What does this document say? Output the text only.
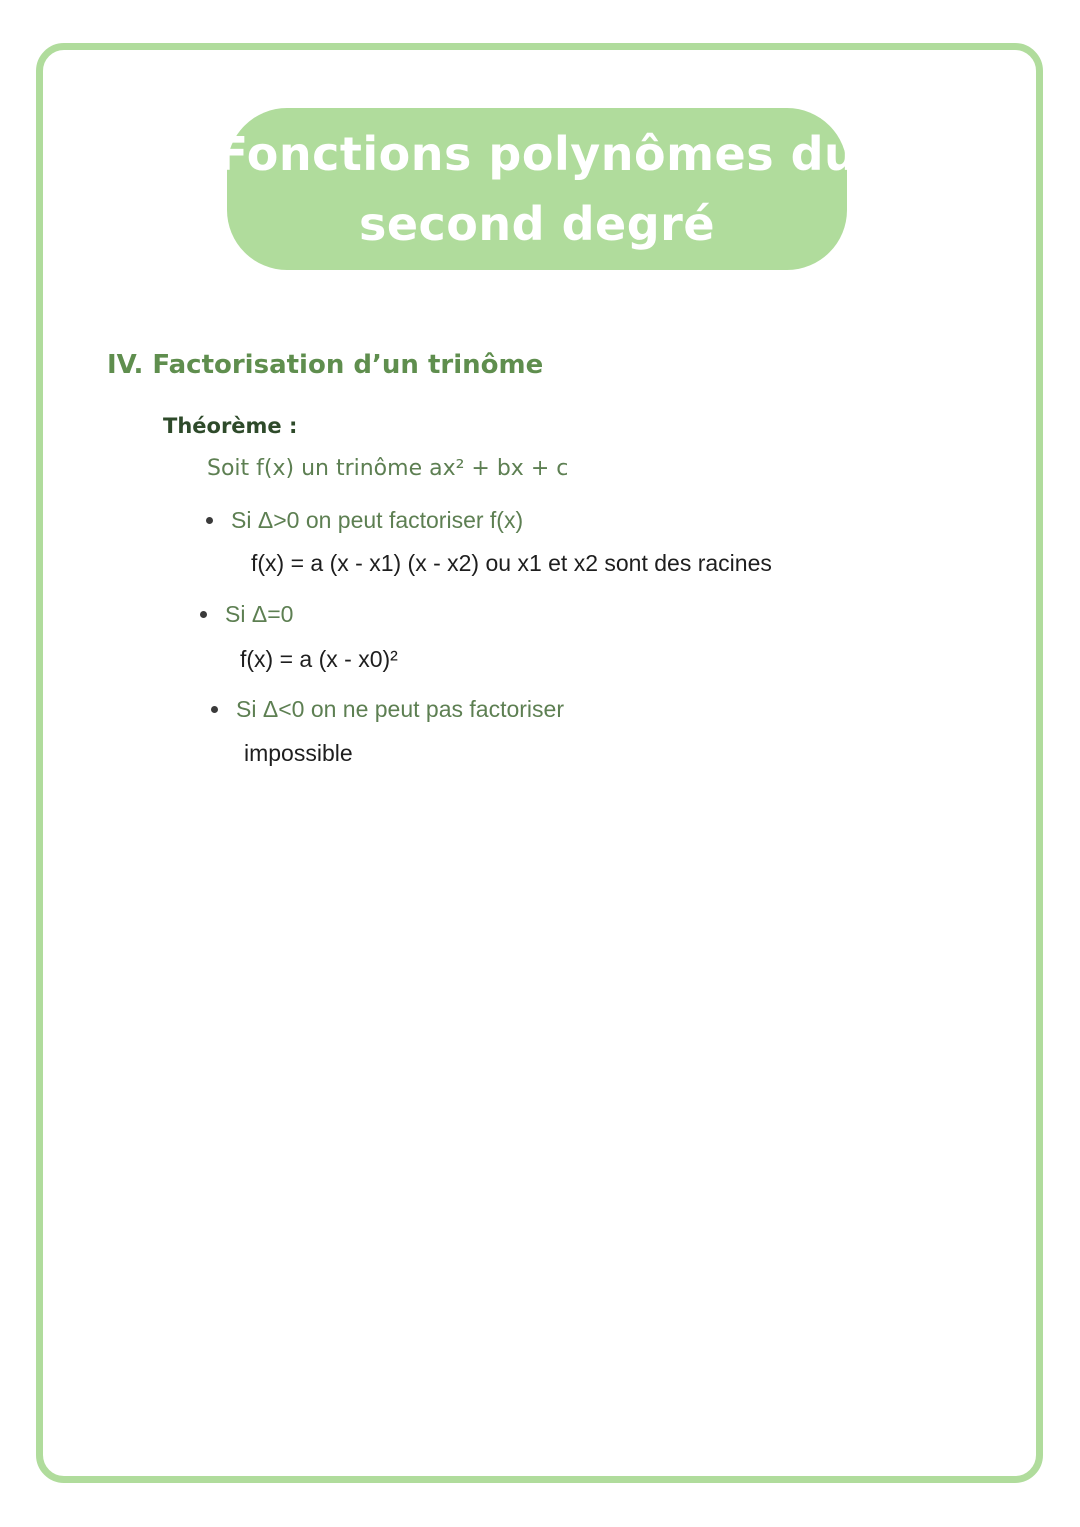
Fonctions polynômes du
second degré
IV. Factorisation d’un trinôme
Théorème :
Soit f(x) un trinôme ax² + bx + c
Si Δ>0 on peut factoriser f(x)
f(x) = a (x - x1) (x - x2) ou x1 et x2 sont des racines
Si Δ=0
f(x) = a (x - x0)²
Si Δ<0 on ne peut pas factoriser
impossible
